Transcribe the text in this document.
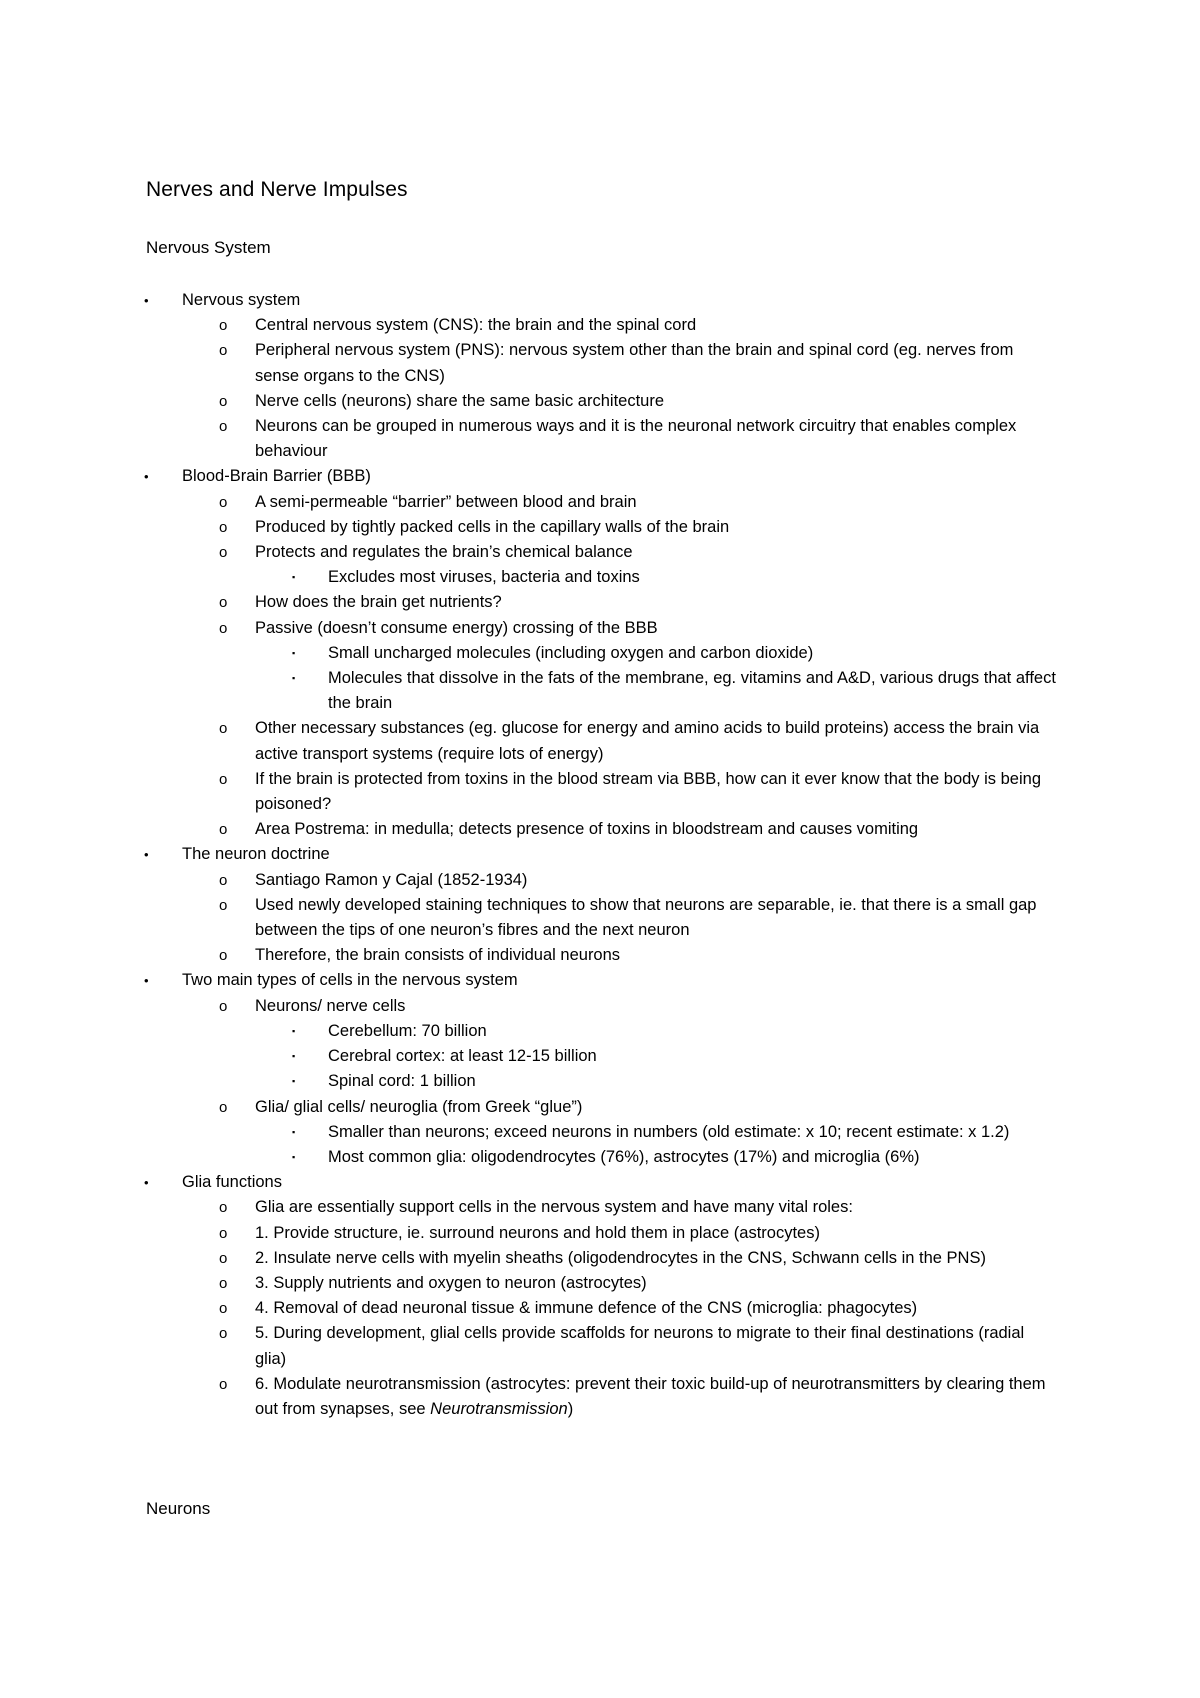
Nerves and Nerve Impulses
Nervous System
• Nervous system
o Central nervous system (CNS): the brain and the spinal cord
o Peripheral nervous system (PNS): nervous system other than the brain and spinal cord (eg. nerves from sense organs to the CNS)
o Nerve cells (neurons) share the same basic architecture
o Neurons can be grouped in numerous ways and it is the neuronal network circuitry that enables complex behaviour
• Blood-Brain Barrier (BBB)
o A semi-permeable “barrier” between blood and brain
o Produced by tightly packed cells in the capillary walls of the brain
o Protects and regulates the brain’s chemical balance
▪ Excludes most viruses, bacteria and toxins
o How does the brain get nutrients?
o Passive (doesn’t consume energy) crossing of the BBB
▪ Small uncharged molecules (including oxygen and carbon dioxide)
▪ Molecules that dissolve in the fats of the membrane, eg. vitamins and A&D, various drugs that affect the brain
o Other necessary substances (eg. glucose for energy and amino acids to build proteins) access the brain via active transport systems (require lots of energy)
o If the brain is protected from toxins in the blood stream via BBB, how can it ever know that the body is being poisoned?
o Area Postrema: in medulla; detects presence of toxins in bloodstream and causes vomiting
• The neuron doctrine
o Santiago Ramon y Cajal (1852-1934)
o Used newly developed staining techniques to show that neurons are separable, ie. that there is a small gap between the tips of one neuron’s fibres and the next neuron
o Therefore, the brain consists of individual neurons
• Two main types of cells in the nervous system
o Neurons/ nerve cells
▪ Cerebellum: 70 billion
▪ Cerebral cortex: at least 12-15 billion
▪ Spinal cord: 1 billion
o Glia/ glial cells/ neuroglia (from Greek “glue”)
▪ Smaller than neurons; exceed neurons in numbers (old estimate: x 10; recent estimate: x 1.2)
▪ Most common glia: oligodendrocytes (76%), astrocytes (17%) and microglia (6%)
• Glia functions
o Glia are essentially support cells in the nervous system and have many vital roles:
o 1. Provide structure, ie. surround neurons and hold them in place (astrocytes)
o 2. Insulate nerve cells with myelin sheaths (oligodendrocytes in the CNS, Schwann cells in the PNS)
o 3. Supply nutrients and oxygen to neuron (astrocytes)
o 4. Removal of dead neuronal tissue & immune defence of the CNS (microglia: phagocytes)
o 5. During development, glial cells provide scaffolds for neurons to migrate to their final destinations (radial glia)
o 6. Modulate neurotransmission (astrocytes: prevent their toxic build-up of neurotransmitters by clearing them out from synapses, see Neurotransmission)
Neurons
